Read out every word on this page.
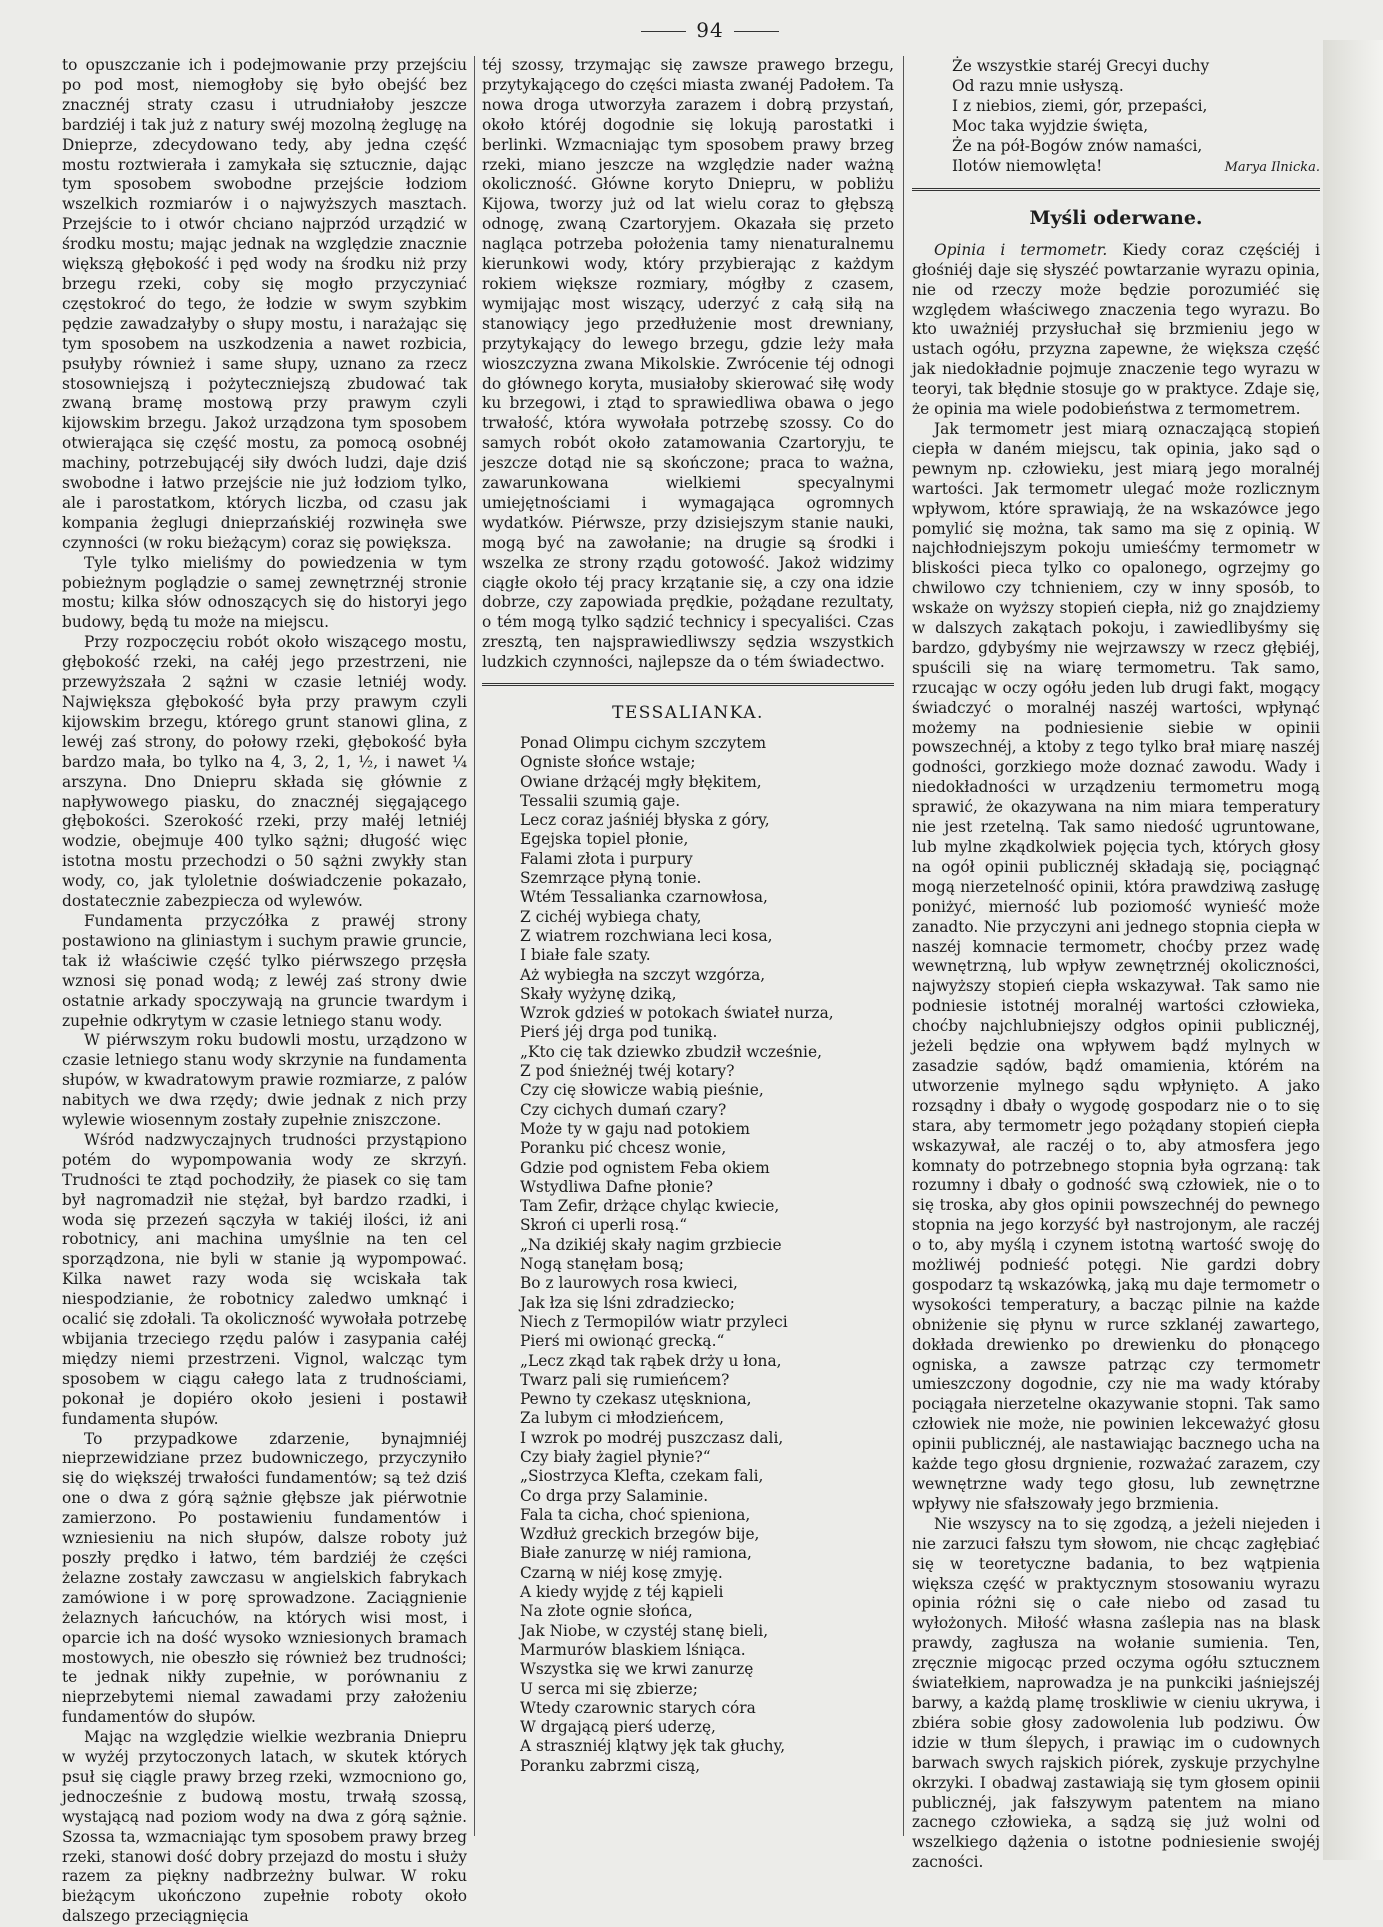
94

to opuszczanie ich i podejmowanie przy przejściu po pod most, niemogłoby się było obejść bez znacznéj straty czasu i utrudniałoby jeszcze bardziéj i tak już z natury swéj mozolną żeglugę na Dnieprze, zdecydowano tedy, aby jedna część mostu roztwierała i zamykała się sztucznie, dając tym sposobem swobodne przejście łodziom wszelkich rozmiarów i o najwyższych masztach. Przejście to i otwór chciano najprzód urządzić w środku mostu; mając jednak na względzie znacznie większą głębokość i pęd wody na środku niż przy brzegu rzeki, coby się mogło przyczyniać częstokroć do tego, że łodzie w swym szybkim pędzie zawadzałyby o słupy mostu, i narażając się tym sposobem na uszkodzenia a nawet rozbicia, psułyby również i same słupy, uznano za rzecz stosowniejszą i pożyteczniejszą zbudować tak zwaną bramę mostową przy prawym czyli kijowskim brzegu. Jakoż urządzona tym sposobem otwierająca się część mostu, za pomocą osobnéj machiny, potrzebującéj siły dwóch ludzi, daje dziś swobodne i łatwo przejście nie już łodziom tylko, ale i parostatkom, których liczba, od czasu jak kompania żeglugi dnieprzańskiéj rozwinęła swe czynności (w roku bieżącym) coraz się powiększa.

Tyle tylko mieliśmy do powiedzenia w tym pobieżnym poglądzie o samej zewnętrznéj stronie mostu; kilka słów odnoszących się do historyi jego budowy, będą tu może na miejscu.

Przy rozpoczęciu robót około wiszącego mostu, głębokość rzeki, na całéj jego przestrzeni, nie przewyższała 2 sążni w czasie letniéj wody. Największa głębokość była przy prawym czyli kijowskim brzegu, którego grunt stanowi glina, z lewéj zaś strony, do połowy rzeki, głębokość była bardzo mała, bo tylko na 4, 3, 2, 1, ½, i nawet ¼ arszyna. Dno Dniepru składa się głównie z napływowego piasku, do znacznéj sięgającego głębokości. Szerokość rzeki, przy małéj letniéj wodzie, obejmuje 400 tylko sążni; długość więc istotna mostu przechodzi o 50 sążni zwykły stan wody, co, jak tyloletnie doświadczenie pokazało, dostatecznie zabezpiecza od wylewów.

Fundamenta przyczółka z prawéj strony postawiono na gliniastym i suchym prawie gruncie, tak iż właściwie część tylko piérwszego przęsła wznosi się ponad wodą; z lewéj zaś strony dwie ostatnie arkady spoczywają na gruncie twardym i zupełnie odkrytym w czasie letniego stanu wody.

W piérwszym roku budowli mostu, urządzono w czasie letniego stanu wody skrzynie na fundamenta słupów, w kwadratowym prawie rozmiarze, z palów nabitych we dwa rzędy; dwie jednak z nich przy wylewie wiosennym zostały zupełnie zniszczone.

Wśród nadzwyczajnych trudności przystąpiono potém do wypompowania wody ze skrzyń. Trudności te ztąd pochodziły, że piasek co się tam był nagromadził nie stężał, był bardzo rzadki, i woda się przezeń sączyła w takiéj ilości, iż ani robotnicy, ani machina umyślnie na ten cel sporządzona, nie byli w stanie ją wypompować. Kilka nawet razy woda się wciskała tak niespodzianie, że robotnicy zaledwo umknąć i ocalić się zdołali. Ta okoliczność wywołała potrzebę wbijania trzeciego rzędu palów i zasypania całéj między niemi przestrzeni. Vignol, walcząc tym sposobem w ciągu całego lata z trudnościami, pokonał je dopiéro około jesieni i postawił fundamenta słupów.

To przypadkowe zdarzenie, bynajmniéj nieprzewidziane przez budowniczego, przyczyniło się do większéj trwałości fundamentów; są też dziś one o dwa z górą sążnie głębsze jak piérwotnie zamierzono. Po postawieniu fundamentów i wzniesieniu na nich słupów, dalsze roboty już poszły prędko i łatwo, tém bardziéj że części żelazne zostały zawczasu w angielskich fabrykach zamówione i w porę sprowadzone. Zaciągnienie żelaznych łańcuchów, na których wisi most, i oparcie ich na dość wysoko wzniesionych bramach mostowych, nie obeszło się również bez trudności; te jednak nikły zupełnie, w porównaniu z nieprzebytemi niemal zawadami przy założeniu fundamentów do słupów.

Mając na względzie wielkie wezbrania Dniepru w wyżéj przytoczonych latach, w skutek których psuł się ciągle prawy brzeg rzeki, wzmocniono go, jednocześnie z budową mostu, trwałą szossą, wystającą nad poziom wody na dwa z górą sążnie. Szossa ta, wzmacniając tym sposobem prawy brzeg rzeki, stanowi dość dobry przejazd do mostu i służy razem za piękny nadbrzeżny bulwar. W roku bieżącym ukończono zupełnie roboty około dalszego przeciągnięcia

téj szossy, trzymając się zawsze prawego brzegu, przytykającego do części miasta zwanéj Padołem. Ta nowa droga utworzyła zarazem i dobrą przystań, około któréj dogodnie się lokują parostatki i berlinki. Wzmacniając tym sposobem prawy brzeg rzeki, miano jeszcze na względzie nader ważną okoliczność. Główne koryto Dniepru, w pobliżu Kijowa, tworzy już od lat wielu coraz to głębszą odnogę, zwaną Czartoryjem. Okazała się przeto nagląca potrzeba położenia tamy nienaturalnemu kierunkowi wody, który przybierając z każdym rokiem większe rozmiary, mógłby z czasem, wymijając most wiszący, uderzyć z całą siłą na stanowiący jego przedłużenie most drewniany, przytykający do lewego brzegu, gdzie leży mała wioszczyzna zwana Mikolskie. Zwrócenie téj odnogi do głównego koryta, musiałoby skierować siłę wody ku brzegowi, i ztąd to sprawiedliwa obawa o jego trwałość, która wywołała potrzebę szossy. Co do samych robót około zatamowania Czartoryju, te jeszcze dotąd nie są skończone; praca to ważna, zawarunkowana wielkiemi specyalnymi umiejętnościami i wymagająca ogromnych wydatków. Piérwsze, przy dzisiejszym stanie nauki, mogą być na zawołanie; na drugie są środki i wszelka ze strony rządu gotowość. Jakoż widzimy ciągłe około téj pracy krzątanie się, a czy ona idzie dobrze, czy zapowiada prędkie, pożądane rezultaty, o tém mogą tylko sądzić technicy i specyaliści. Czas zresztą, ten najsprawiedliwszy sędzia wszystkich ludzkich czynności, najlepsze da o tém świadectwo.

TESSALIANKA.
Ponad Olimpu cichym szczytem
Ogniste słońce wstaje;
Owiane drżącéj mgły błękitem,
Tessalii szumią gaje.
Lecz coraz jaśniéj błyska z góry,
Egejska topiel płonie,
Falami złota i purpury
Szemrzące płyną tonie.
Wtém Tessalianka czarnowłosa,
Z cichéj wybiega chaty,
Z wiatrem rozchwiana leci kosa,
I białe fale szaty.
Aż wybiegła na szczyt wzgórza,
Skały wyżynę dziką,
Wzrok gdzieś w potokach świateł nurza,
Pierś jéj drga pod tuniką.
„Kto cię tak dziewko zbudził wcześnie,
Z pod śnieżnéj twéj kotary?
Czy cię słowicze wabią pieśnie,
Czy cichych dumań czary?
Może ty w gaju nad potokiem
Poranku pić chcesz wonie,
Gdzie pod ognistem Feba okiem
Wstydliwa Dafne płonie?
Tam Zefir, drżące chyląc kwiecie,
Skroń ci uperli rosą.“
„Na dzikiéj skały nagim grzbiecie
Nogą stanęłam bosą;
Bo z laurowych rosa kwieci,
Jak łza się lśni zdradziecko;
Niech z Termopilów wiatr przyleci
Pierś mi owionąć grecką.“
„Lecz zkąd tak rąbek drży u łona,
Twarz pali się rumieńcem?
Pewno ty czekasz utęskniona,
Za lubym ci młodzieńcem,
I wzrok po modréj puszczasz dali,
Czy biały żagiel płynie?“
„Siostrzyca Klefta, czekam fali,
Co drga przy Salaminie.
Fala ta cicha, choć spieniona,
Wzdłuż greckich brzegów bije,
Białe zanurzę w niéj ramiona,
Czarną w niéj kosę zmyję.
A kiedy wyjdę z téj kąpieli
Na złote ognie słońca,
Jak Niobe, w czystéj stanę bieli,
Marmurów blaskiem lśniąca.
Wszystka się we krwi zanurzę
U serca mi się zbierze;
Wtedy czarownic starych córa
W drgającą pierś uderzę,
A straszniéj klątwy jęk tak głuchy,
Poranku zabrzmi ciszą,
Że wszystkie staréj Grecyi duchy
Od razu mnie usłyszą.
I z niebios, ziemi, gór, przepaści,
Moc taka wyjdzie święta,
Że na pół-Bogów znów namaści,
Ilotów niemowlęta!	Marya Ilnicka.
Myśli oderwane.

Opinia i termometr. Kiedy coraz częściéj i głośniéj daje się słyszéć powtarzanie wyrazu opinia, nie od rzeczy może będzie porozumiéć się względem właściwego znaczenia tego wyrazu. Bo kto uważniéj przysłuchał się brzmieniu jego w ustach ogółu, przyzna zapewne, że większa część jak niedokładnie pojmuje znaczenie tego wyrazu w teoryi, tak błędnie stosuje go w praktyce. Zdaje się, że opinia ma wiele podobieństwa z termometrem.

Jak termometr jest miarą oznaczającą stopień ciepła w daném miejscu, tak opinia, jako sąd o pewnym np. człowieku, jest miarą jego moralnéj wartości. Jak termometr ulegać może rozlicznym wpływom, które sprawiają, że na wskazówce jego pomylić się można, tak samo ma się z opinią. W najchłodniejszym pokoju umieśćmy termometr w bliskości pieca tylko co opalonego, ogrzejmy go chwilowo czy tchnieniem, czy w inny sposób, to wskaże on wyższy stopień ciepła, niż go znajdziemy w dalszych zakątach pokoju, i zawiedlibyśmy się bardzo, gdybyśmy nie wejrzawszy w rzecz głębiéj, spuścili się na wiarę termometru. Tak samo, rzucając w oczy ogółu jeden lub drugi fakt, mogący świadczyć o moralnéj naszéj wartości, wpłynąć możemy na podniesienie siebie w opinii powszechnéj, a ktoby z tego tylko brał miarę naszéj godności, gorzkiego może doznać zawodu. Wady i niedokładności w urządzeniu termometru mogą sprawić, że okazywana na nim miara temperatury nie jest rzetelną. Tak samo niedość ugruntowane, lub mylne zkądkolwiek pojęcia tych, których głosy na ogół opinii publicznéj składają się, pociągnąć mogą nierzetelność opinii, która prawdziwą zasługę poniżyć, mierność lub poziomość wynieść może zanadto. Nie przyczyni ani jednego stopnia ciepła w naszéj komnacie termometr, choćby przez wadę wewnętrzną, lub wpływ zewnętrznéj okoliczności, najwyższy stopień ciepła wskazywał. Tak samo nie podniesie istotnéj moralnéj wartości człowieka, choćby najchlubniejszy odgłos opinii publicznéj, jeżeli będzie ona wpływem bądź mylnych w zasadzie sądów, bądź omamienia, którém na utworzenie mylnego sądu wpłynięto. A jako rozsądny i dbały o wygodę gospodarz nie o to się stara, aby termometr jego pożądany stopień ciepła wskazywał, ale raczéj o to, aby atmosfera jego komnaty do potrzebnego stopnia była ogrzaną: tak rozumny i dbały o godność swą człowiek, nie o to się troska, aby głos opinii powszechnéj do pewnego stopnia na jego korzyść był nastrojonym, ale raczéj o to, aby myślą i czynem istotną wartość swoję do możliwéj podnieść potęgi. Nie gardzi dobry gospodarz tą wskazówką, jaką mu daje termometr o wysokości temperatury, a bacząc pilnie na każde obniżenie się płynu w rurce szklanéj zawartego, dokłada drewienko po drewienku do płonącego ogniska, a zawsze patrząc czy termometr umieszczony dogodnie, czy nie ma wady któraby pociągała nierzetelne okazywanie stopni. Tak samo człowiek nie może, nie powinien lekceważyć głosu opinii publicznéj, ale nastawiając bacznego ucha na każde tego głosu drgnienie, rozważać zarazem, czy wewnętrzne wady tego głosu, lub zewnętrzne wpływy nie sfałszowały jego brzmienia.

Nie wszyscy na to się zgodzą, a jeżeli niejeden i nie zarzuci fałszu tym słowom, nie chcąc zagłębiać się w teoretyczne badania, to bez wątpienia większa część w praktycznym stosowaniu wyrazu opinia różni się o całe niebo od zasad tu wyłożonych. Miłość własna zaślepia nas na blask prawdy, zagłusza na wołanie sumienia. Ten, zręcznie migocąc przed oczyma ogółu sztucznem światełkiem, naprowadza je na punkciki jaśniejszéj barwy, a każdą plamę troskliwie w cieniu ukrywa, i zbiéra sobie głosy zadowolenia lub podziwu. Ów idzie w tłum ślepych, i prawiąc im o cudownych barwach swych rajskich piórek, zyskuje przychylne okrzyki. I obadwaj zastawiają się tym głosem opinii publicznéj, jak fałszywym patentem na miano zacnego człowieka, a sądzą się już wolni od wszelkiego dążenia o istotne podniesienie swojéj zacności.
